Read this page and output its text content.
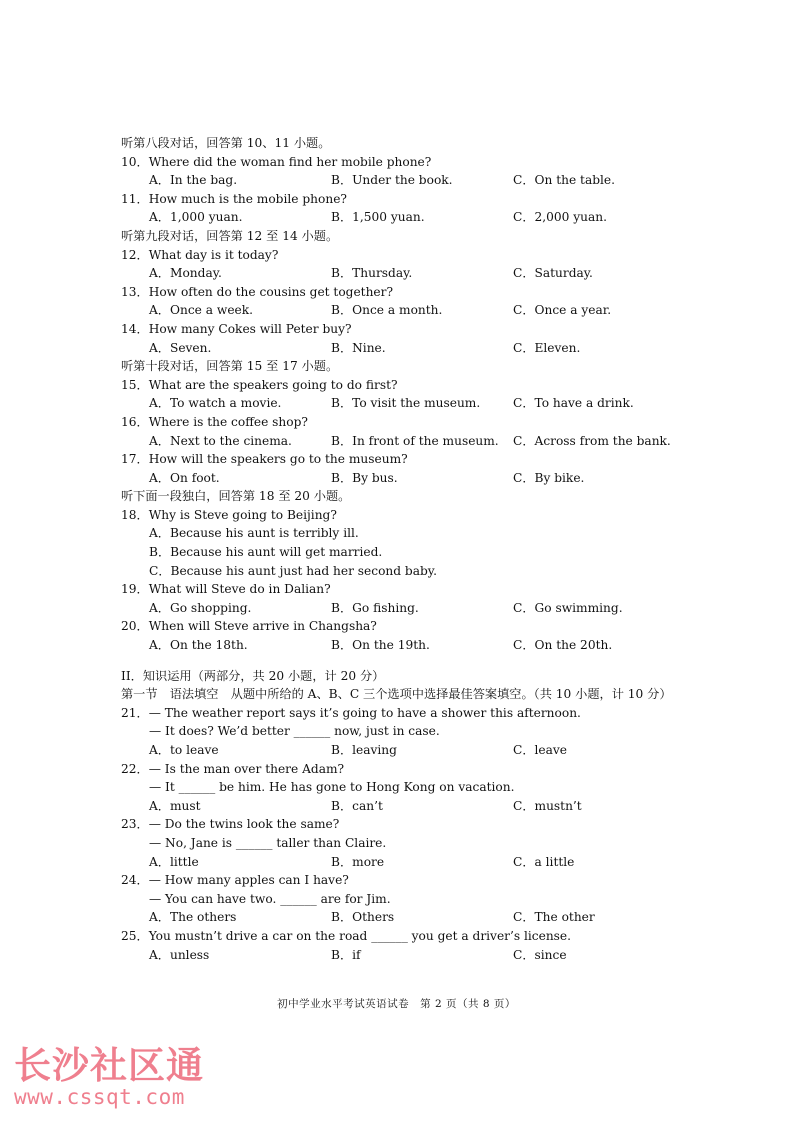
听第八段对话，回答第 10、11 小题。
10．Where did the woman find her mobile phone?
A．In the bag.	B．Under the book.	C．On the table.
11．How much is the mobile phone?
A．1,000 yuan.	B．1,500 yuan.	C．2,000 yuan.
听第九段对话，回答第 12 至 14 小题。
12．What day is it today?
A．Monday.	B．Thursday.	C．Saturday.
13．How often do the cousins get together?
A．Once a week.	B．Once a month.	C．Once a year.
14．How many Cokes will Peter buy?
A．Seven.	B．Nine.	C．Eleven.
听第十段对话，回答第 15 至 17 小题。
15．What are the speakers going to do first?
A．To watch a movie.	B．To visit the museum.	C．To have a drink.
16．Where is the coffee shop?
A．Next to the cinema.	B．In front of the museum. C．Across from the bank.
17．How will the speakers go to the museum?
A．On foot.	B．By bus.	C．By bike.
听下面一段独白，回答第 18 至 20 小题。
18．Why is Steve going to Beijing?
A．Because his aunt is terribly ill.
B．Because his aunt will get married.
C．Because his aunt just had her second baby.
19．What will Steve do in Dalian?
A．Go shopping.	B．Go fishing.	C．Go swimming.
20．When will Steve arrive in Changsha?
A．On the 18th.	B．On the 19th.	C．On the 20th.
II．知识运用（两部分，共 20 小题，计 20 分）
第一节　语法填空　从题中所给的 A、B、C 三个选项中选择最佳答案填空。（共 10 小题，计 10 分）
21．— The weather report says it’s going to have a shower this afternoon.
— It does? We’d better ______ now, just in case.
A．to leave	B．leaving	C．leave
22．— Is the man over there Adam?
— It ______ be him. He has gone to Hong Kong on vacation.
A．must	B．can’t	C．mustn’t
23．— Do the twins look the same?
— No, Jane is ______ taller than Claire.
A．little	B．more	C．a little
24．— How many apples can I have?
— You can have two. ______ are for Jim.
A．The others	B．Others	C．The other
25．You mustn’t drive a car on the road ______ you get a driver’s license.
A．unless	B．if	C．since
初中学业水平考试英语试卷　第 2 页（共 8 页）
长沙社区通
www.cssqt.com
